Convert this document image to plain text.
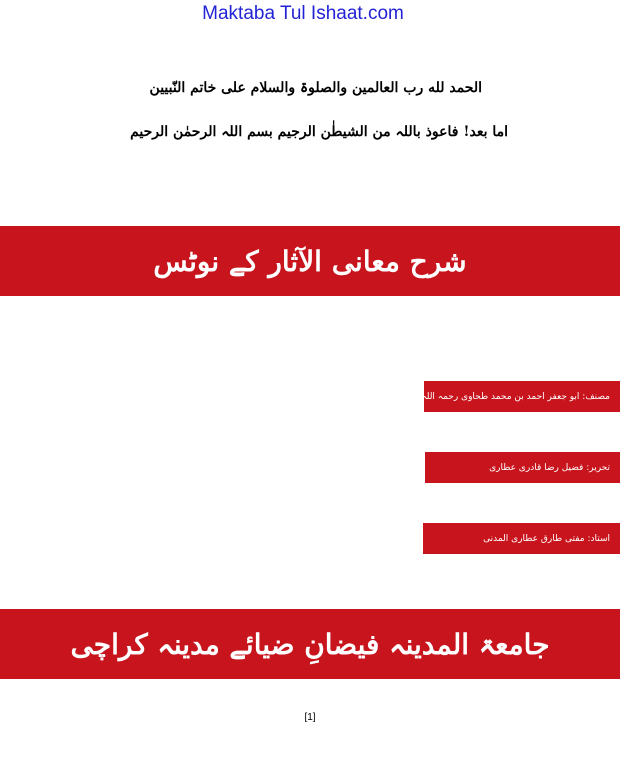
Maktaba Tul Ishaat.com
الحمد لله رب العالمین والصلوۃ والسلام علی خاتم النّبیین
اما بعد! فاعوذ باللہ من الشیطٰن الرجیم بسم اللہ الرحمٰن الرحیم
شرح معانی الآثار کے نوٹس
مصنف: ابو جعفر احمد بن محمد طحاوی رحمہ اللہ
تحریر: فضیل رضا قادری عطاری
استاد: مفتی طارق عطاری المدنی
جامعۃ المدینہ فیضانِ ضیائے مدینہ کراچی
[1]
